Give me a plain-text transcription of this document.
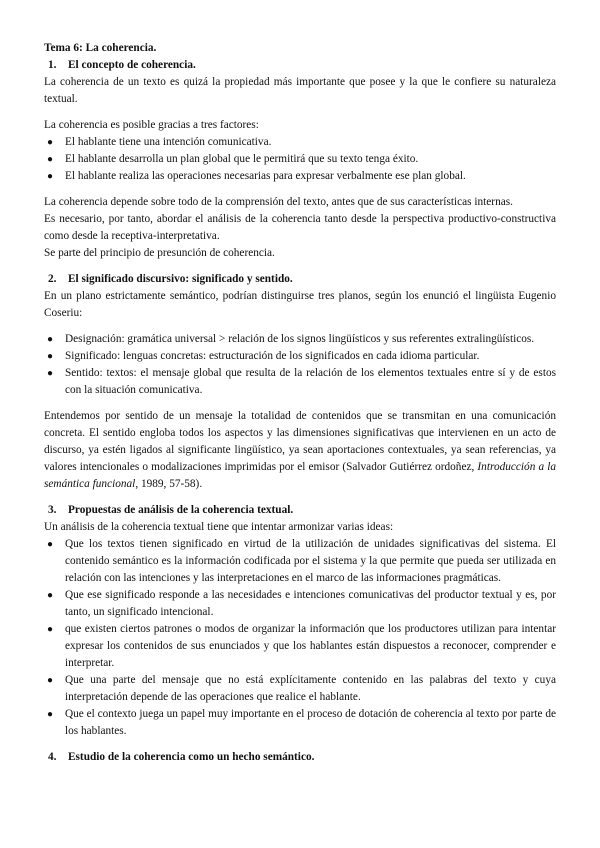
Tema 6: La coherencia.

1.	El concepto de coherencia.

La coherencia de un texto es quizá la propiedad más importante que posee y la que le confiere su naturaleza textual.

La coherencia es posible gracias a tres factores:

●	El hablante tiene una intención comunicativa.
●	El hablante desarrolla un plan global que le permitirá que su texto tenga éxito.
●	El hablante realiza las operaciones necesarias para expresar verbalmente ese plan global.

La coherencia depende sobre todo de la comprensión del texto, antes que de sus características internas.

Es necesario, por tanto, abordar el análisis de la coherencia tanto desde la perspectiva productivo-constructiva como desde la receptiva-interpretativa.

Se parte del principio de presunción de coherencia.

2.	El significado discursivo: significado y sentido.

En un plano estrictamente semántico, podrían distinguirse tres planos, según los enunció el lingüista Eugenio Coseriu:

●	Designación: gramática universal > relación de los signos lingüísticos y sus referentes extralingüísticos.
●	Significado: lenguas concretas: estructuración de los significados en cada idioma particular.
●	Sentido: textos: el mensaje global que resulta de la relación de los elementos textuales entre sí y de estos con la situación comunicativa.

Entendemos por sentido de un mensaje la totalidad de contenidos que se transmitan en una comunicación concreta. El sentido engloba todos los aspectos y las dimensiones significativas que intervienen en un acto de discurso, ya estén ligados al significante lingüístico, ya sean aportaciones contextuales, ya sean referencias, ya valores intencionales o modalizaciones imprimidas por el emisor (Salvador Gutiérrez ordoñez, Introducción a la semántica funcional, 1989, 57-58).

3.	Propuestas de análisis de la coherencia textual.

Un análisis de la coherencia textual tiene que intentar armonizar varias ideas:

●	Que los textos tienen significado en virtud de la utilización de unidades significativas del sistema. El contenido semántico es la información codificada por el sistema y la que permite que pueda ser utilizada en relación con las intenciones y las interpretaciones en el marco de las informaciones pragmáticas.
●	Que ese significado responde a las necesidades e intenciones comunicativas del productor textual y es, por tanto, un significado intencional.
●	que existen ciertos patrones o modos de organizar la información que los productores utilizan para intentar expresar los contenidos de sus enunciados y que los hablantes están dispuestos a reconocer, comprender e interpretar.
●	Que una parte del mensaje que no está explícitamente contenido en las palabras del texto y cuya interpretación depende de las operaciones que realice el hablante.
●	Que el contexto juega un papel muy importante en el proceso de dotación de coherencia al texto por parte de los hablantes.
4.	Estudio de la coherencia como un hecho semántico.
